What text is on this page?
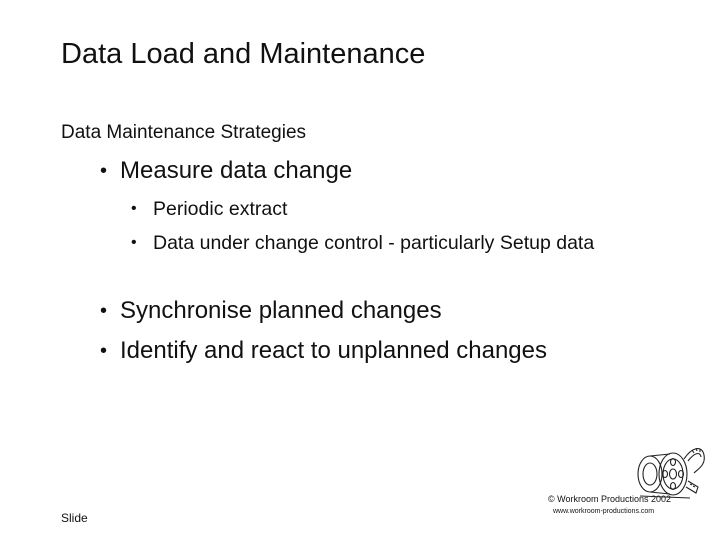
Data Load and Maintenance
Data Maintenance Strategies
• Measure data change
• Periodic extract
• Data under change control - particularly Setup data
• Synchronise planned changes
• Identify and react to unplanned changes
Slide
© Workroom Productions 2002
www.workroom-productions.com
